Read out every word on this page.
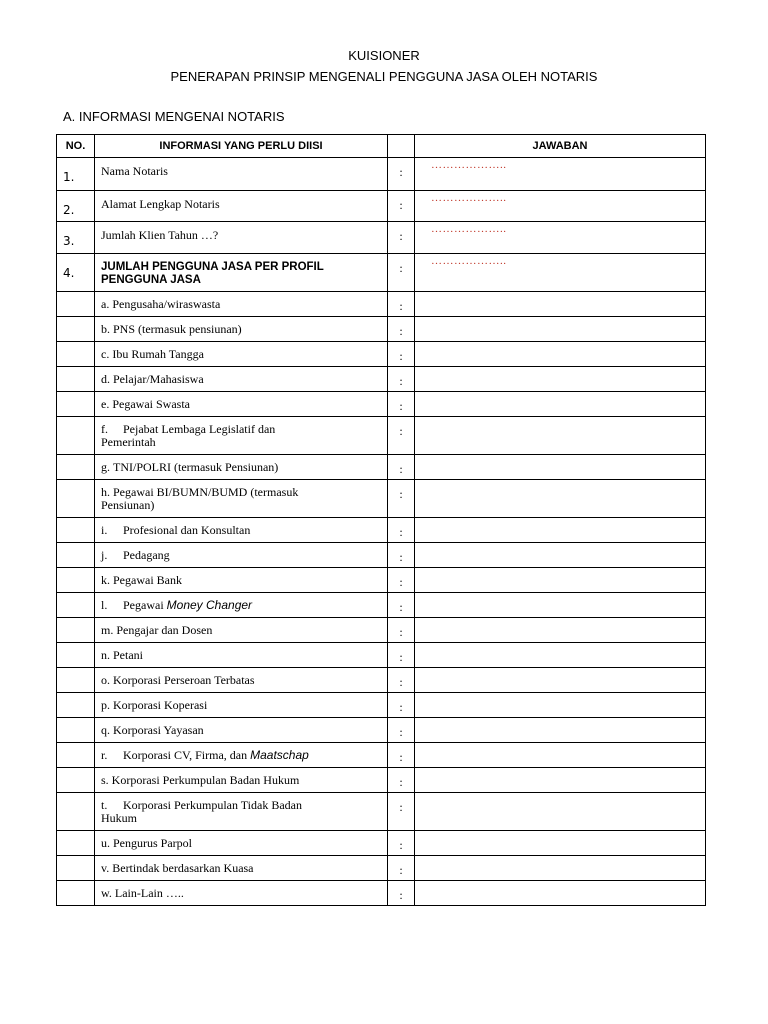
KUISIONER
PENERAPAN PRINSIP MENGENALI PENGGUNA JASA OLEH NOTARIS
A. INFORMASI MENGENAI NOTARIS
NO.	INFORMASI YANG PERLU DIISI		JAWABAN
1.	Nama Notaris	:	………………..
2.	Alamat Lengkap Notaris	:	………………..
3.	Jumlah Klien Tahun …?	:	………………..
4.	JUMLAH PENGGUNA JASA PER PROFIL PENGGUNA JASA	:	………………..
	a. Pengusaha/wiraswasta	:	
	b. PNS (termasuk pensiunan)	:	
	c. Ibu Rumah Tangga	:	
	d. Pelajar/Mahasiswa	:	
	e. Pegawai Swasta	:	
	f. Pejabat Lembaga Legislatif dan Pemerintah	:	
	g. TNI/POLRI (termasuk Pensiunan)	:	
	h. Pegawai BI/BUMN/BUMD (termasuk Pensiunan)	:	
	i. Profesional dan Konsultan	:	
	j. Pedagang	:	
	k. Pegawai Bank	:	
	l. Pegawai Money Changer	:	
	m. Pengajar dan Dosen	:	
	n. Petani	:	
	o. Korporasi Perseroan Terbatas	:	
	p. Korporasi Koperasi	:	
	q. Korporasi Yayasan	:	
	r. Korporasi CV, Firma, dan Maatschap	:	
	s. Korporasi Perkumpulan Badan Hukum	:	
	t. Korporasi Perkumpulan Tidak Badan Hukum	:	
	u. Pengurus Parpol	:	
	v. Bertindak berdasarkan Kuasa	:	
	w. Lain-Lain …..	:	
